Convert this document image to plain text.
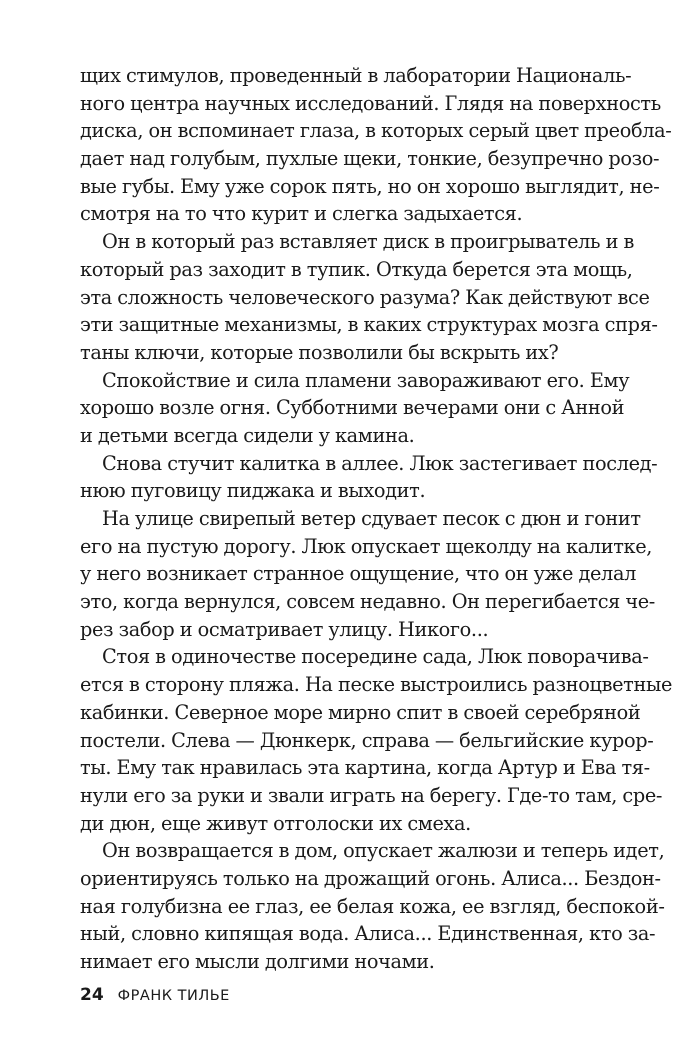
щих стимулов, проведенный в лаборатории Националь-
ного центра научных исследований. Глядя на поверхность
диска, он вспоминает глаза, в которых серый цвет преобла-
дает над голубым, пухлые щеки, тонкие, безупречно розо-
вые губы. Ему уже сорок пять, но он хорошо выглядит, не-
смотря на то что курит и слегка задыхается.
Он в который раз вставляет диск в проигрыватель и в
который раз заходит в тупик. Откуда берется эта мощь,
эта сложность человеческого разума? Как действуют все
эти защитные механизмы, в каких структурах мозга спря-
таны ключи, которые позволили бы вскрыть их?
Спокойствие и сила пламени завораживают его. Ему
хорошо возле огня. Субботними вечерами они с Анной
и детьми всегда сидели у камина.
Снова стучит калитка в аллее. Люк застегивает послед-
нюю пуговицу пиджака и выходит.
На улице свирепый ветер сдувает песок с дюн и гонит
его на пустую дорогу. Люк опускает щеколду на калитке,
у него возникает странное ощущение, что он уже делал
это, когда вернулся, совсем недавно. Он перегибается че-
рез забор и осматривает улицу. Никого...
Стоя в одиночестве посередине сада, Люк поворачива-
ется в сторону пляжа. На песке выстроились разноцветные
кабинки. Северное море мирно спит в своей серебряной
постели. Слева — Дюнкерк, справа — бельгийские курор-
ты. Ему так нравилась эта картина, когда Артур и Ева тя-
нули его за руки и звали играть на берегу. Где-то там, сре-
ди дюн, еще живут отголоски их смеха.
Он возвращается в дом, опускает жалюзи и теперь идет,
ориентируясь только на дрожащий огонь. Алиса... Бездон-
ная голубизна ее глаз, ее белая кожа, ее взгляд, беспокой-
ный, словно кипящая вода. Алиса... Единственная, кто за-
нимает его мысли долгими ночами.
24 ФРАНК ТИЛЬЕ
